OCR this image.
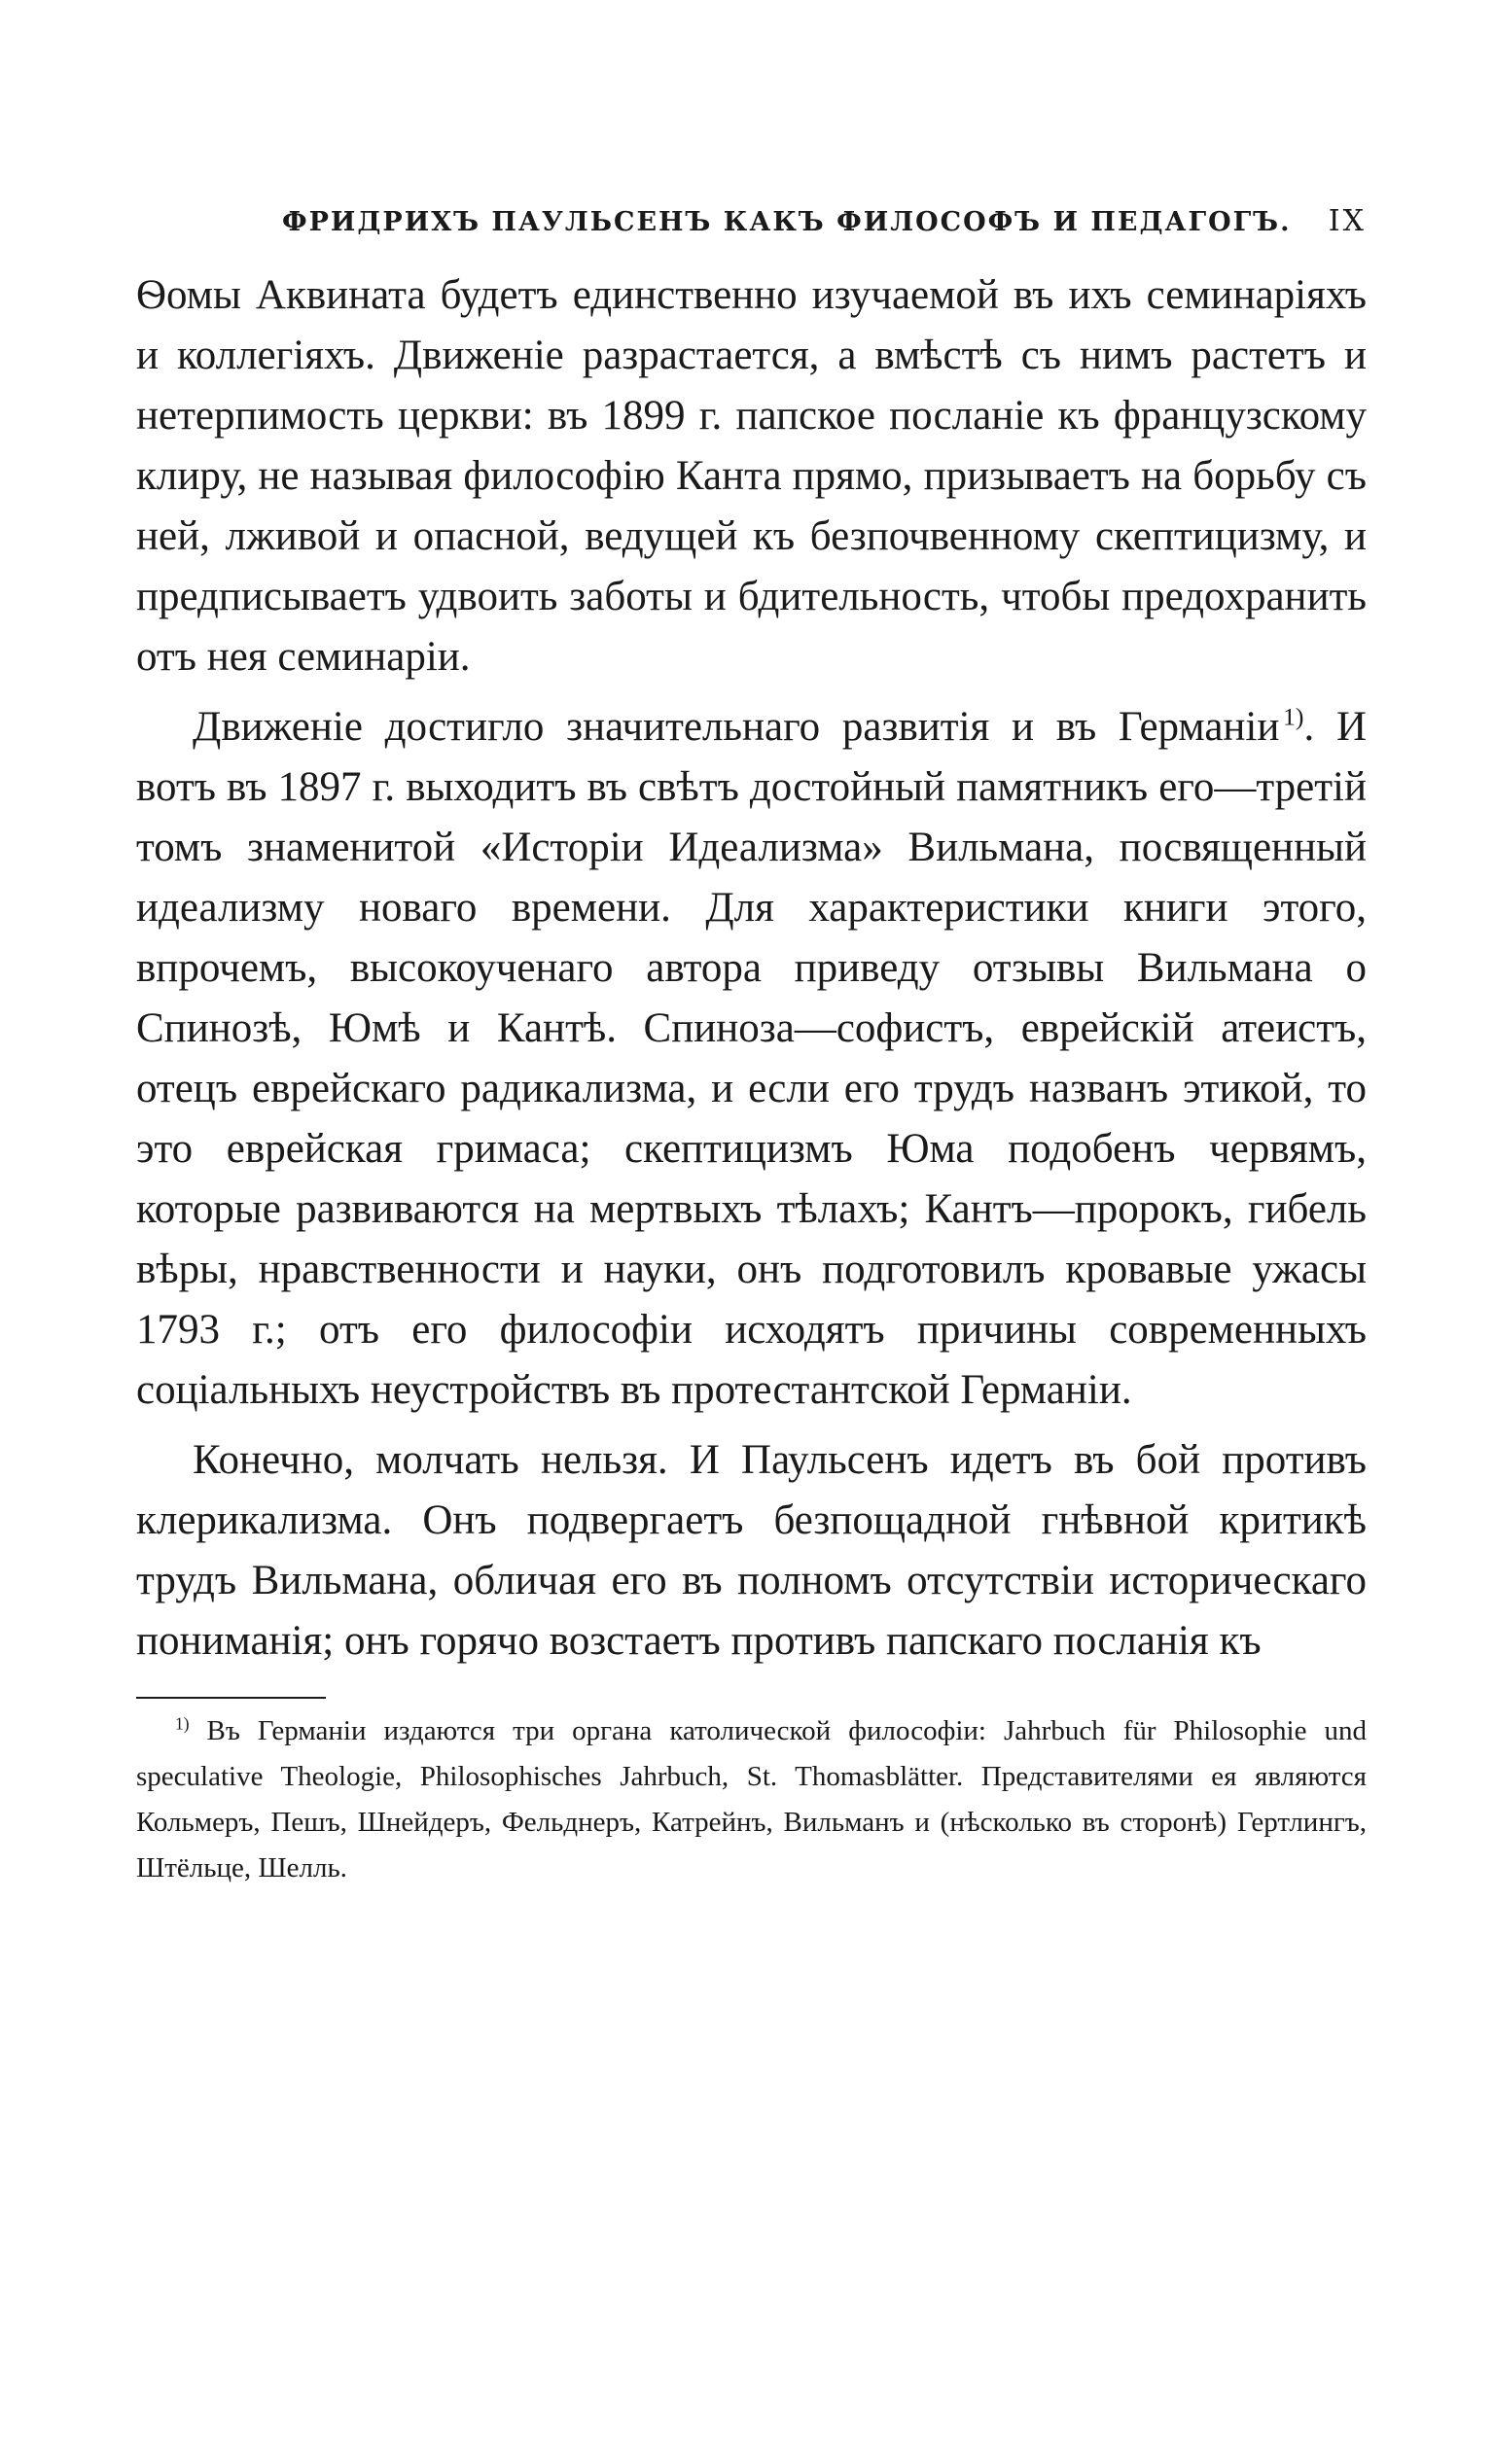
ФРИДРИХЪ ПАУЛЬСЕНЪ КАКЪ ФИЛОСОФЪ И ПЕДАГОГЪ. IX

Ѳомы Аквината будетъ единственно изучаемой въ ихъ семинаріяхъ и коллегіяхъ. Движеніе разрастается, а вмѣстѣ съ нимъ растетъ и нетерпимость церкви: въ 1899 г. папское посланіе къ французскому клиру, не называя философію Канта прямо, призываетъ на борьбу съ ней, лживой и опасной, ведущей къ безпочвенному скептицизму, и предписываетъ удвоить заботы и бдительность, чтобы предохранить отъ нея семинаріи.

Движеніе достигло значительнаго развитія и въ Германіи  $^{1)}$. И вотъ въ 1897 г. выходитъ въ свѣтъ достойный памятникъ его—третій томъ знаменитой «Исторіи Идеализма» Вильмана, посвященный идеализму новаго времени. Для характеристики книги этого, впрочемъ, высокоученаго автора приведу отзывы Вильмана о Спинозѣ, Юмѣ и Кантѣ. Спиноза—софистъ, еврейскій атеистъ, отецъ еврейскаго радикализма, и если его трудъ названъ этикой, то это еврейская гримаса; скептицизмъ Юма подобенъ червямъ, которые развиваются на мертвыхъ тѣлахъ; Кантъ—пророкъ, гибель вѣры, нравственности и науки, онъ подготовилъ кровавые ужасы 1793 г.; отъ его философіи исходятъ причины современныхъ соціальныхъ неустройствъ въ протестантской Германіи.

Конечно, молчать нельзя. И Паульсенъ идетъ въ бой противъ клерикализма. Онъ подвергаетъ безпощадной гнѣвной критикѣ трудъ Вильмана, обличая его въ полномъ отсутствіи историческаго пониманія; онъ горячо возстаетъ противъ папскаго посланія къ

$^{1)}$ Въ Германіи издаются три органа католической философіи: Jahrbuch für Philosophie und speculative Theologie, Philosophisches Jahrbuch, St. Thomasblätter. Представителями ея являются Кольмеръ, Пешъ, Шнейдеръ, Фельднеръ, Катрейнъ, Вильманъ и (нѣсколько въ сторонѣ) Гертлингъ, Штёльце, Шелль.
